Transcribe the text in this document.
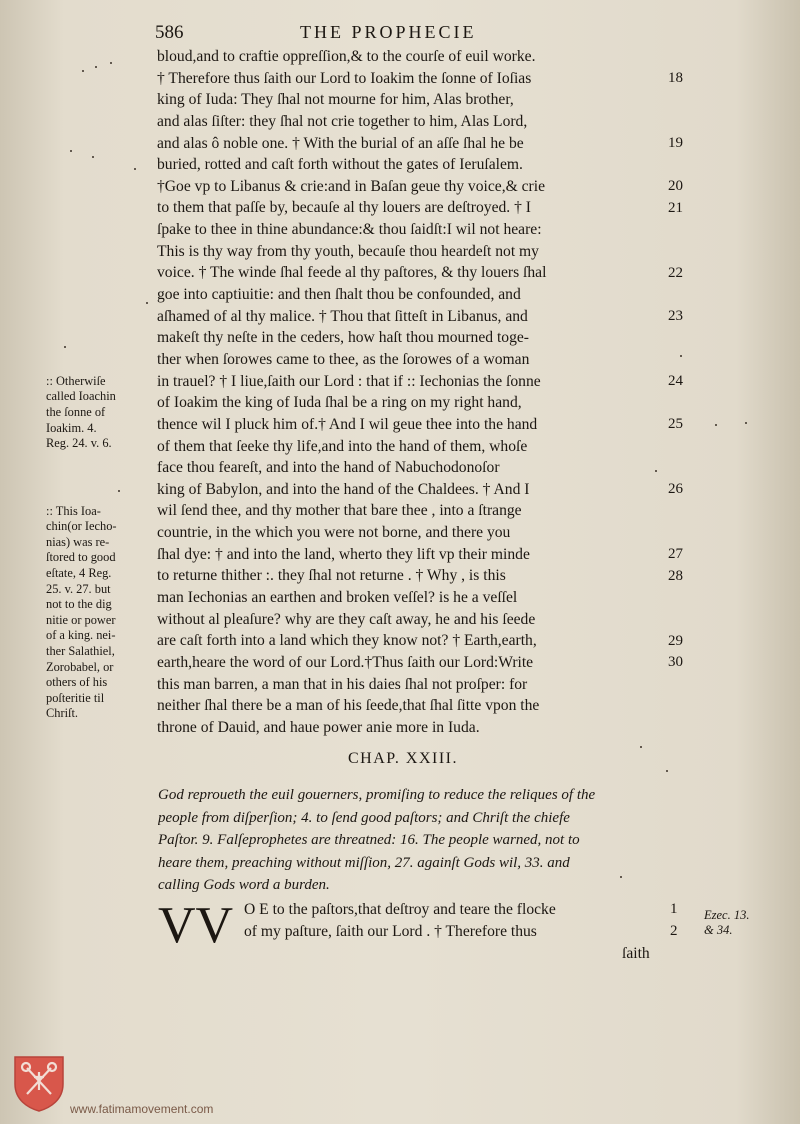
586	THE PROPHECIE
bloud,and to craftie oppreſſion,& to the courſe of euil worke.
† Therefore thus ſaith our Lord to Ioakim the ſonne of Ioſias
king of Iuda: They ſhal not mourne for him, Alas brother,
and alas ſiſter: they ſhal not crie together to him, Alas Lord,
and alas ô noble one. † With the burial of an aſſe ſhal he be
buried, rotted and caſt forth without the gates of Ieruſalem.
†Goe vp to Libanus & crie:and in Baſan geue thy voice,& crie
to them that paſſe by, becauſe al thy louers are deſtroyed. † I
ſpake to thee in thine abundance:& thou ſaidſt:I wil not heare:
This is thy way from thy youth, becauſe thou heardeſt not my
voice. † The winde ſhal feede al thy paſtores, & thy louers ſhal
goe into captiuitie: and then ſhalt thou be confounded, and
aſhamed of al thy malice. † Thou that ſitteſt in Libanus, and
makeſt thy neſte in the ceders, how haſt thou mourned toge-
ther when ſorowes came to thee, as the ſorowes of a woman
in trauel? † I liue,ſaith our Lord : that if :: Iechonias the ſonne
of Ioakim the king of Iuda ſhal be a ring on my right hand,
thence wil I pluck him of.† And I wil geue thee into the hand
of them that ſeeke thy life,and into the hand of them, whoſe
face thou feareſt, and into the hand of Nabuchodonoſor
king of Babylon, and into the hand of the Chaldees. † And I
wil ſend thee, and thy mother that bare thee , into a ſtrange
countrie, in the which you were not borne, and there you
ſhal dye: † and into the land, wherto they lift vp their minde
to returne thither :. they ſhal not returne . † Why , is this
man Iechonias an earthen and broken veſſel? is he a veſſel
without al pleaſure? why are they caſt away, he and his ſeede
are caſt forth into a land which they know not? † Earth,earth,
earth,heare the word of our Lord.†Thus ſaith our Lord:Write
this man barren, a man that in his daies ſhal not proſper: for
neither ſhal there be a man of his ſeede,that ſhal ſitte vpon the
throne of Dauid, and haue power anie more in Iuda.
18
19
20
21
22
23
24
25
26
27
28
29
30
:: Otherwiſe
called Ioachin
the ſonne of
Ioakim. 4.
Reg. 24. v. 6.
:: This Ioa-
chin(or Iecho-
nias) was re-
ſtored to good
eſtate, 4 Reg.
25. v. 27. but
not to the dig
nitie or power
of a king. nei-
ther Salathiel,
Zorobabel, or
others of his
poſteritie til
Chriſt.
CHAP. XXIII.
God reproueth the euil gouerners, promiſing to reduce the reliques of the
people from diſperſion; 4. to ſend good paſtors; and Chriſt the chiefe
Paſtor. 9. Falſeprophetes are threatned: 16. The people warned, not to
heare them, preaching without miſſion, 27. againſt Gods wil, 33. and
calling Gods word a burden.
VV O E to the paſtors,that deſtroy and teare the flocke
of my paſture, ſaith our Lord . † Therefore thus
ſaith
1
2
Ezec. 13.
& 34.
www.fatimamovement.com
